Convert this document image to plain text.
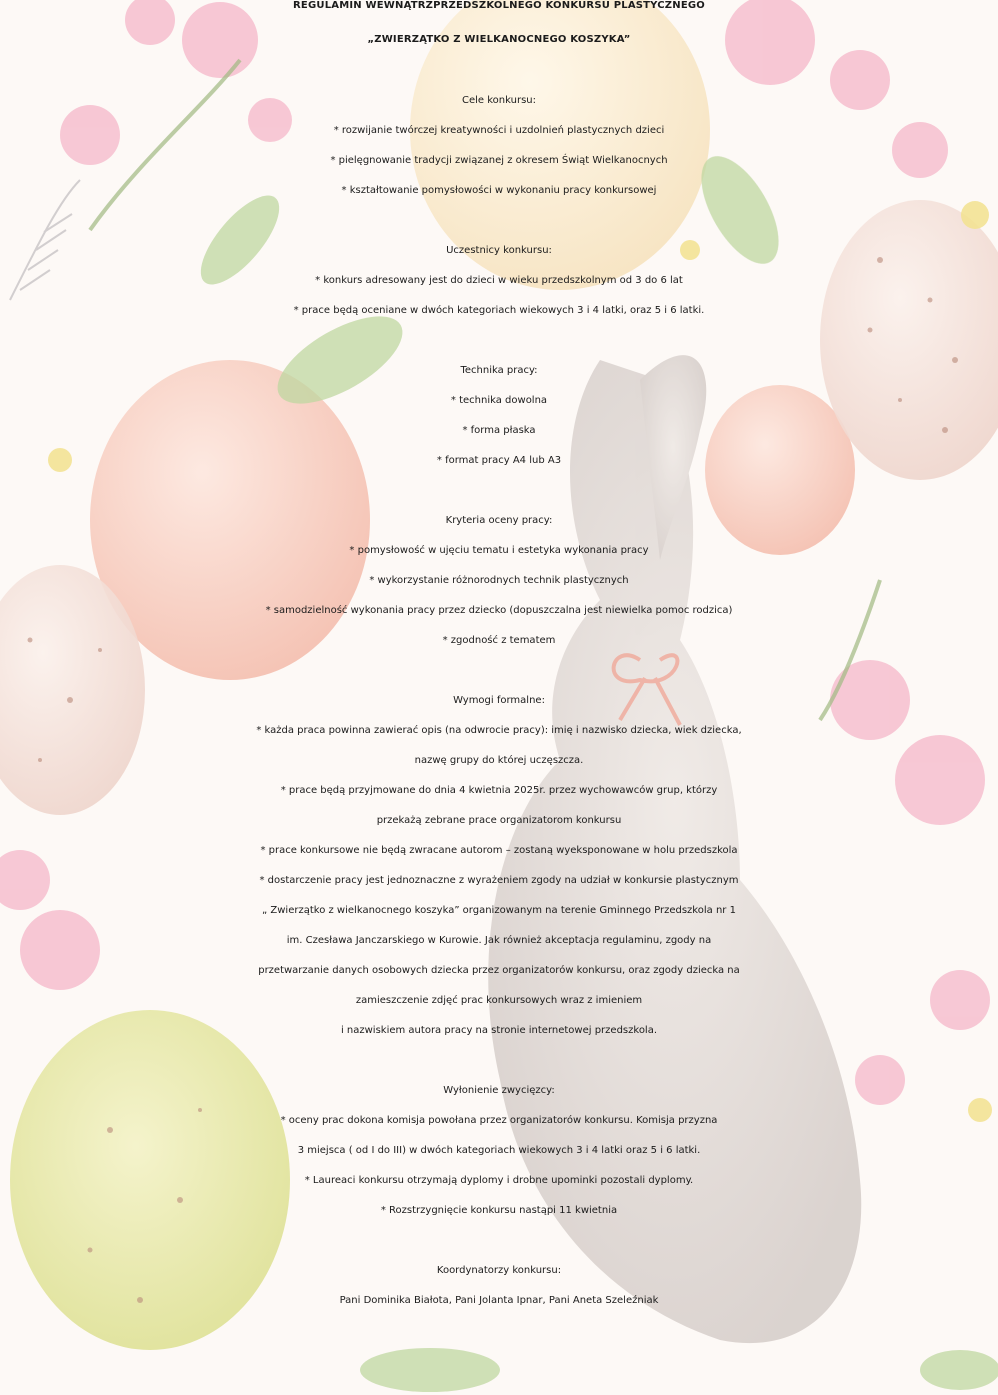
REGULAMIN WEWNĄTRZPRZEDSZKOLNEGO KONKURSU PLASTYCZNEGO
„ZWIERZĄTKO Z WIELKANOCNEGO KOSZYKA”
Cele konkursu:
* rozwijanie twórczej kreatywności i uzdolnień plastycznych dzieci
* pielęgnowanie tradycji związanej z okresem Świąt Wielkanocnych
* kształtowanie pomysłowości w wykonaniu pracy konkursowej
Uczestnicy konkursu:
* konkurs adresowany jest do dzieci w wieku przedszkolnym od 3 do 6 lat
* prace będą oceniane w dwóch kategoriach wiekowych 3 i 4 latki, oraz 5 i 6 latki.
Technika pracy:
* technika dowolna
* forma płaska
* format pracy A4 lub A3
Kryteria oceny pracy:
* pomysłowość w ujęciu tematu i estetyka wykonania pracy
* wykorzystanie różnorodnych technik plastycznych
* samodzielność wykonania pracy przez dziecko (dopuszczalna jest niewielka pomoc rodzica)
* zgodność z tematem
Wymogi formalne:
* każda praca powinna zawierać opis (na odwrocie pracy): imię i nazwisko dziecka, wiek dziecka,
nazwę grupy do której uczęszcza.
* prace będą przyjmowane do dnia 4 kwietnia 2025r. przez wychowawców grup, którzy
przekażą zebrane prace organizatorom konkursu
* prace konkursowe nie będą zwracane autorom – zostaną wyeksponowane w holu przedszkola
* dostarczenie pracy jest jednoznaczne z wyrażeniem zgody na udział w konkursie plastycznym
„ Zwierzątko z wielkanocnego koszyka” organizowanym na terenie Gminnego Przedszkola nr 1
im. Czesława Janczarskiego w Kurowie. Jak również akceptacja regulaminu, zgody na
przetwarzanie danych osobowych dziecka przez organizatorów konkursu, oraz zgody dziecka na
zamieszczenie zdjęć prac konkursowych wraz z imieniem
i nazwiskiem autora pracy na stronie internetowej przedszkola.
Wyłonienie zwycięzcy:
* oceny prac dokona komisja powołana przez organizatorów konkursu. Komisja przyzna
3 miejsca ( od I do III) w dwóch kategoriach wiekowych 3 i 4 latki oraz 5 i 6 latki.
* Laureaci konkursu otrzymają dyplomy i drobne upominki pozostali dyplomy.
* Rozstrzygnięcie konkursu nastąpi 11 kwietnia
Koordynatorzy konkursu:
Pani Dominika Białota, Pani Jolanta Ipnar, Pani Aneta Szeleźniak
